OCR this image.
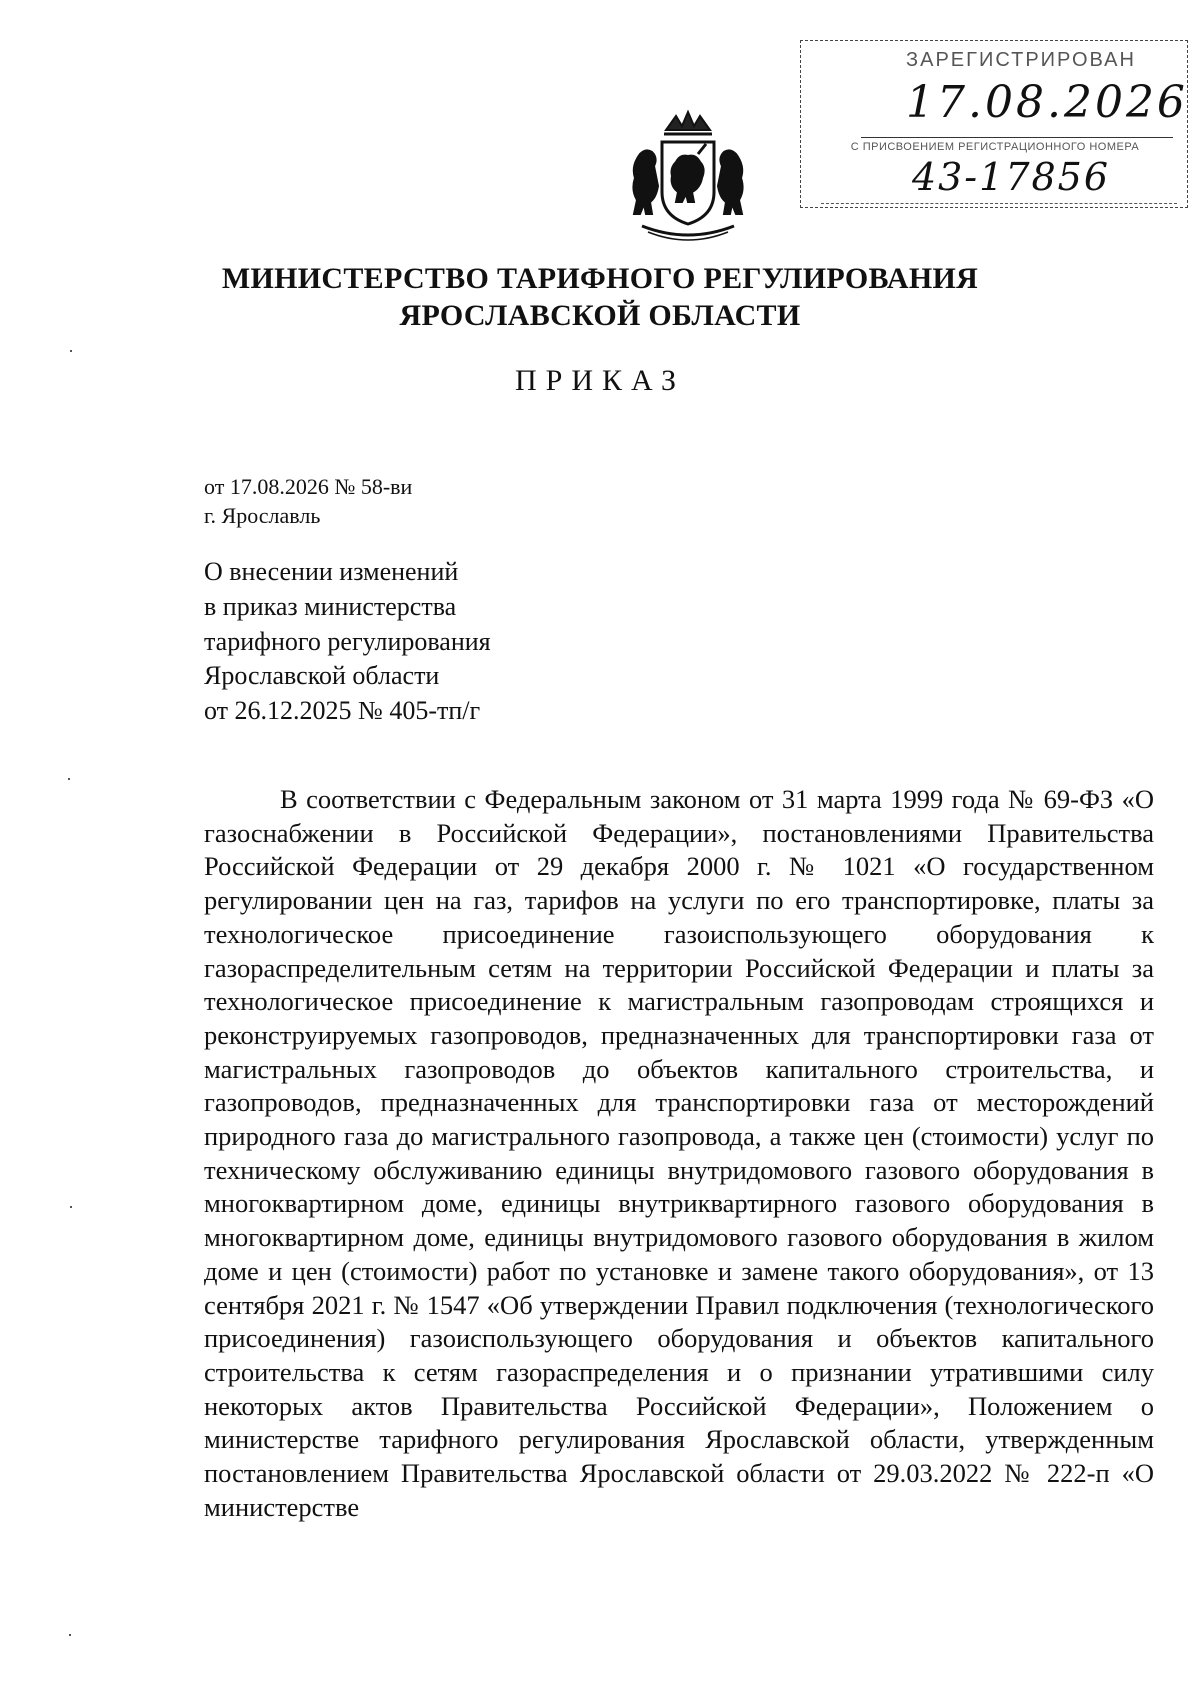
ЗАРЕГИСТРИРОВАН
17.08.2026
С ПРИСВОЕНИЕМ РЕГИСТРАЦИОННОГО НОМЕРА
43-17856
МИНИСТЕРСТВО ТАРИФНОГО РЕГУЛИРОВАНИЯ
ЯРОСЛАВСКОЙ ОБЛАСТИ
ПРИКАЗ
от 17.08.2026 № 58-ви
г. Ярославль
О внесении изменений
в приказ министерства
тарифного регулирования
Ярославской области
от 26.12.2025 № 405-тп/г

В соответствии с Федеральным законом от 31 марта 1999 года № 69-ФЗ «О газоснабжении в Российской Федерации», постановлениями Правительства Российской Федерации от 29 декабря 2000 г. № 1021 «О государственном регулировании цен на газ, тарифов на услуги по его транспортировке, платы за технологическое присоединение газоиспользующего оборудования к газораспределительным сетям на территории Российской Федерации и платы за технологическое присоединение к магистральным газопроводам строящихся и реконструируемых газопроводов, предназначенных для транспортировки газа от магистральных газопроводов до объектов капитального строительства, и газопроводов, предназначенных для транспортировки газа от месторождений природного газа до магистрального газопровода, а также цен (стоимости) услуг по техническому обслуживанию единицы внутридомового газового оборудования в многоквартирном доме, единицы внутриквартирного газового оборудования в многоквартирном доме, единицы внутридомового газового оборудования в жилом доме и цен (стоимости) работ по установке и замене такого оборудования», от 13 сентября 2021 г. № 1547 «Об утверждении Правил подключения (технологического присоединения) газоиспользующего оборудования и объектов капитального строительства к сетям газораспределения и о признании утратившими силу некоторых актов Правительства Российской Федерации», Положением о министерстве тарифного регулирования Ярославской области, утвержденным постановлением Правительства Ярославской области от 29.03.2022 № 222-п «О министерстве
